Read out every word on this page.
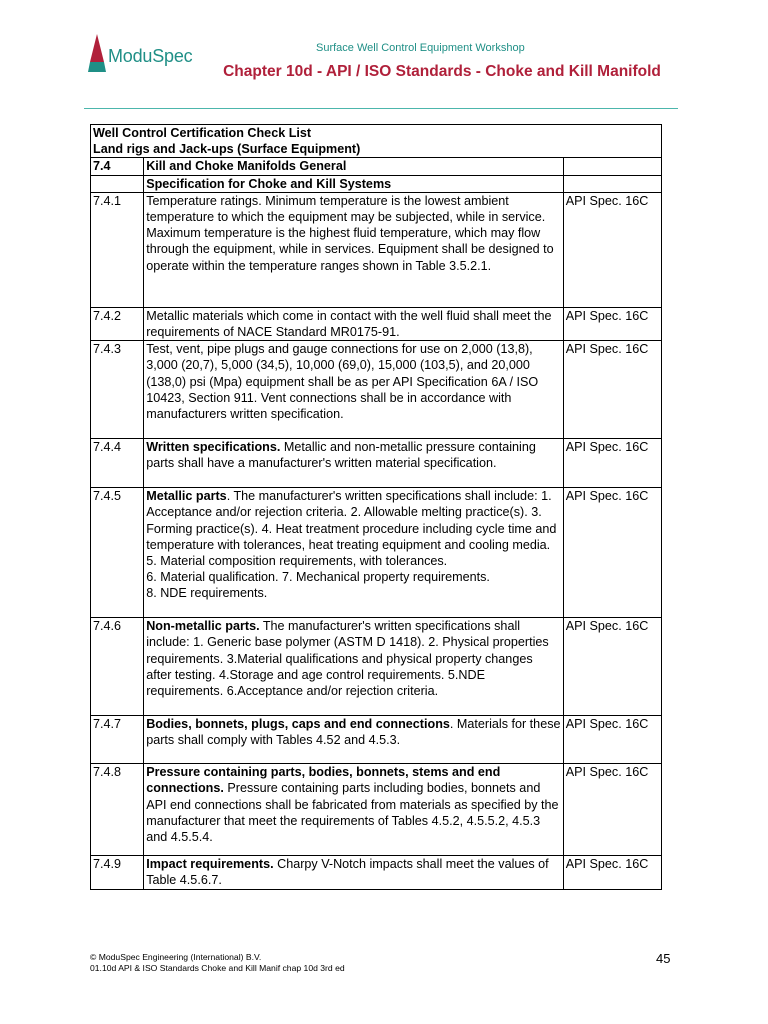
ModuSpec	Surface Well Control Equipment Workshop
Chapter 10d - API / ISO Standards - Choke and Kill Manifold
Well Control Certification Check List
Land rigs and Jack-ups (Surface Equipment)		

7.4	Kill and Choke Manifolds General	
	Specification for Choke and Kill Systems	
7.4.1	Temperature ratings. Minimum temperature is the lowest ambient temperature to which the equipment may be subjected, while in service. Maximum temperature is the highest fluid temperature, which may flow through the equipment, while in services. Equipment shall be designed to operate within the temperature ranges shown in Table 3.5.2.1.	API Spec. 16C
7.4.2	Metallic materials which come in contact with the well fluid shall meet the requirements of NACE Standard MR0175-91.	API Spec. 16C
7.4.3	Test, vent, pipe plugs and gauge connections for use on 2,000 (13,8), 3,000 (20,7), 5,000 (34,5), 10,000 (69,0), 15,000 (103,5), and 20,000 (138,0) psi (Mpa) equipment shall be as per API Specification 6A / ISO 10423, Section 911. Vent connections shall be in accordance with manufacturers written specification.	API Spec. 16C
7.4.4	Written specifications. Metallic and non-metallic pressure containing parts shall have a manufacturer's written material specification.	API Spec. 16C
7.4.5	Metallic parts. The manufacturer's written specifications shall include: 1. Acceptance and/or rejection criteria. 2. Allowable melting practice(s). 3. Forming practice(s). 4. Heat treatment procedure including cycle time and temperature with tolerances, heat treating equipment and cooling media.
5. Material composition requirements, with tolerances.
6. Material qualification. 7. Mechanical property requirements.
8. NDE requirements.	API Spec. 16C
7.4.6	Non-metallic parts. The manufacturer's written specifications shall include: 1. Generic base polymer (ASTM D 1418). 2. Physical properties requirements. 3.Material qualifications and physical property changes after testing. 4.Storage and age control requirements. 5.NDE requirements. 6.Acceptance and/or rejection criteria.	API Spec. 16C
7.4.7	Bodies, bonnets, plugs, caps and end connections. Materials for these parts shall comply with Tables 4.52 and 4.5.3.	API Spec. 16C
7.4.8	Pressure containing parts, bodies, bonnets, stems and end connections. Pressure containing parts including bodies, bonnets and API end connections shall be fabricated from materials as specified by the manufacturer that meet the requirements of Tables 4.5.2, 4.5.5.2, 4.5.3 and 4.5.5.4.	API Spec. 16C
7.4.9	Impact requirements. Charpy V-Notch impacts shall meet the values of Table 4.5.6.7.	API Spec. 16C
© ModuSpec Engineering (International) B.V.
01.10d API & ISO Standards Choke and Kill Manif chap 10d 3rd ed
45
